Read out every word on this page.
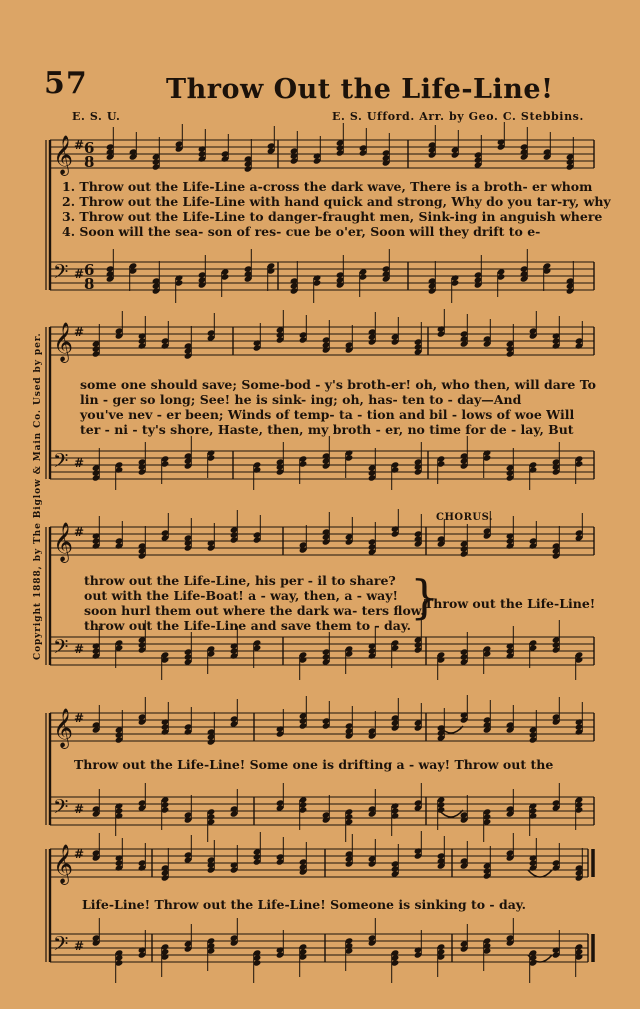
57	Throw Out the Life-Line!
E. S. U.	E. S. Ufford. Arr. by Geo. C. Stebbins.
Copyright 1888, by The Biglow & Main Co. Used by per.
𝄞
𝄢
#
#
6
6
8
8
𝄞
𝄢
#
#
𝄞
𝄢
#
#
𝄞
𝄢
#
#
𝄞
𝄢
#
#
1. Throw out the Life-Line a-cross the dark wave, There is a broth- er whom
2. Throw out the Life-Line with hand quick and strong, Why do you tar-ry, why
3. Throw out the Life-Line to danger-fraught men, Sink-ing in anguish where
4. Soon will the sea- son of res- cue be o'er, Soon will they drift to e-
some one should save; Some-bod - y's broth-er! oh, who then, will dare To
lin - ger so long; See! he is sink- ing; oh, has- ten to - day—And
you've nev - er been; Winds of temp- ta - tion and bil - lows of woe Will
ter - ni - ty's shore, Haste, then, my broth - er, no time for de - lay, But
CHORUS.
throw out the Life-Line, his per - il to share?
out with the Life-Boat! a - way, then, a - way!
soon hurl them out where the dark wa- ters flow.
throw out the Life-Line and save them to - day.
}
Throw out the Life-Line!
Throw out the Life-Line! Some one is drifting a - way! Throw out the
Life-Line! Throw out the Life-Line! Someone is sinking to - day.
